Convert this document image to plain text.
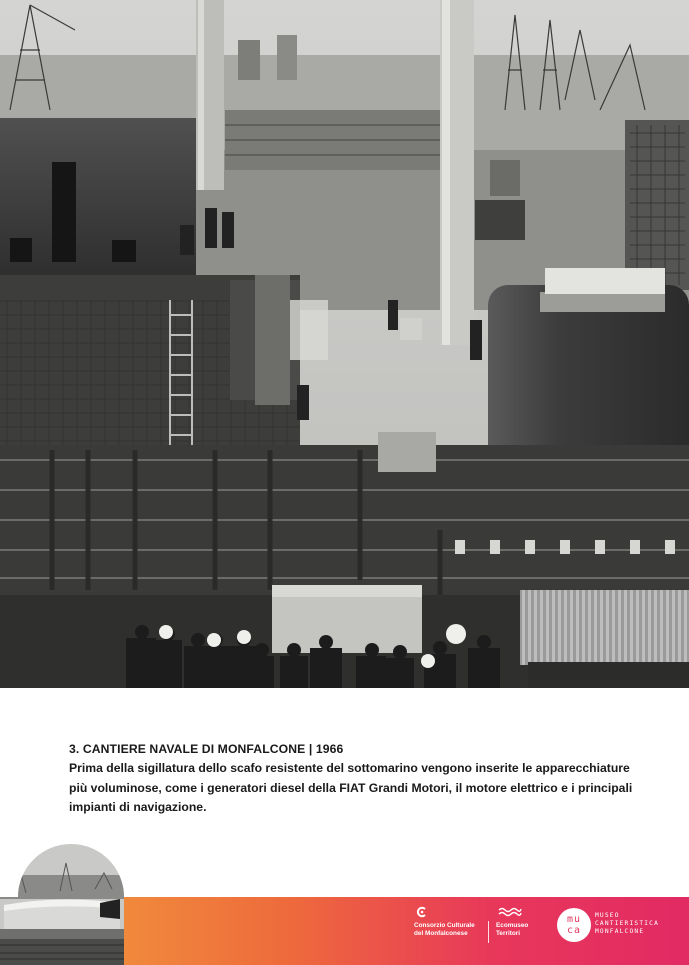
3. CANTIERE NAVALE DI MONFALCONE | 1966
Prima della sigillatura dello scafo resistente del sottomarino vengono inserite le apparecchiature
più voluminose, come i generatori diesel della FIAT Grandi Motori, il motore elettrico e i principali
impianti di navigazione.
Consorzio Culturale
del Monfalconese
Ecomuseo
Territori
mu
ca
MUSEO
CANTIERISTICA
MONFALCONE
